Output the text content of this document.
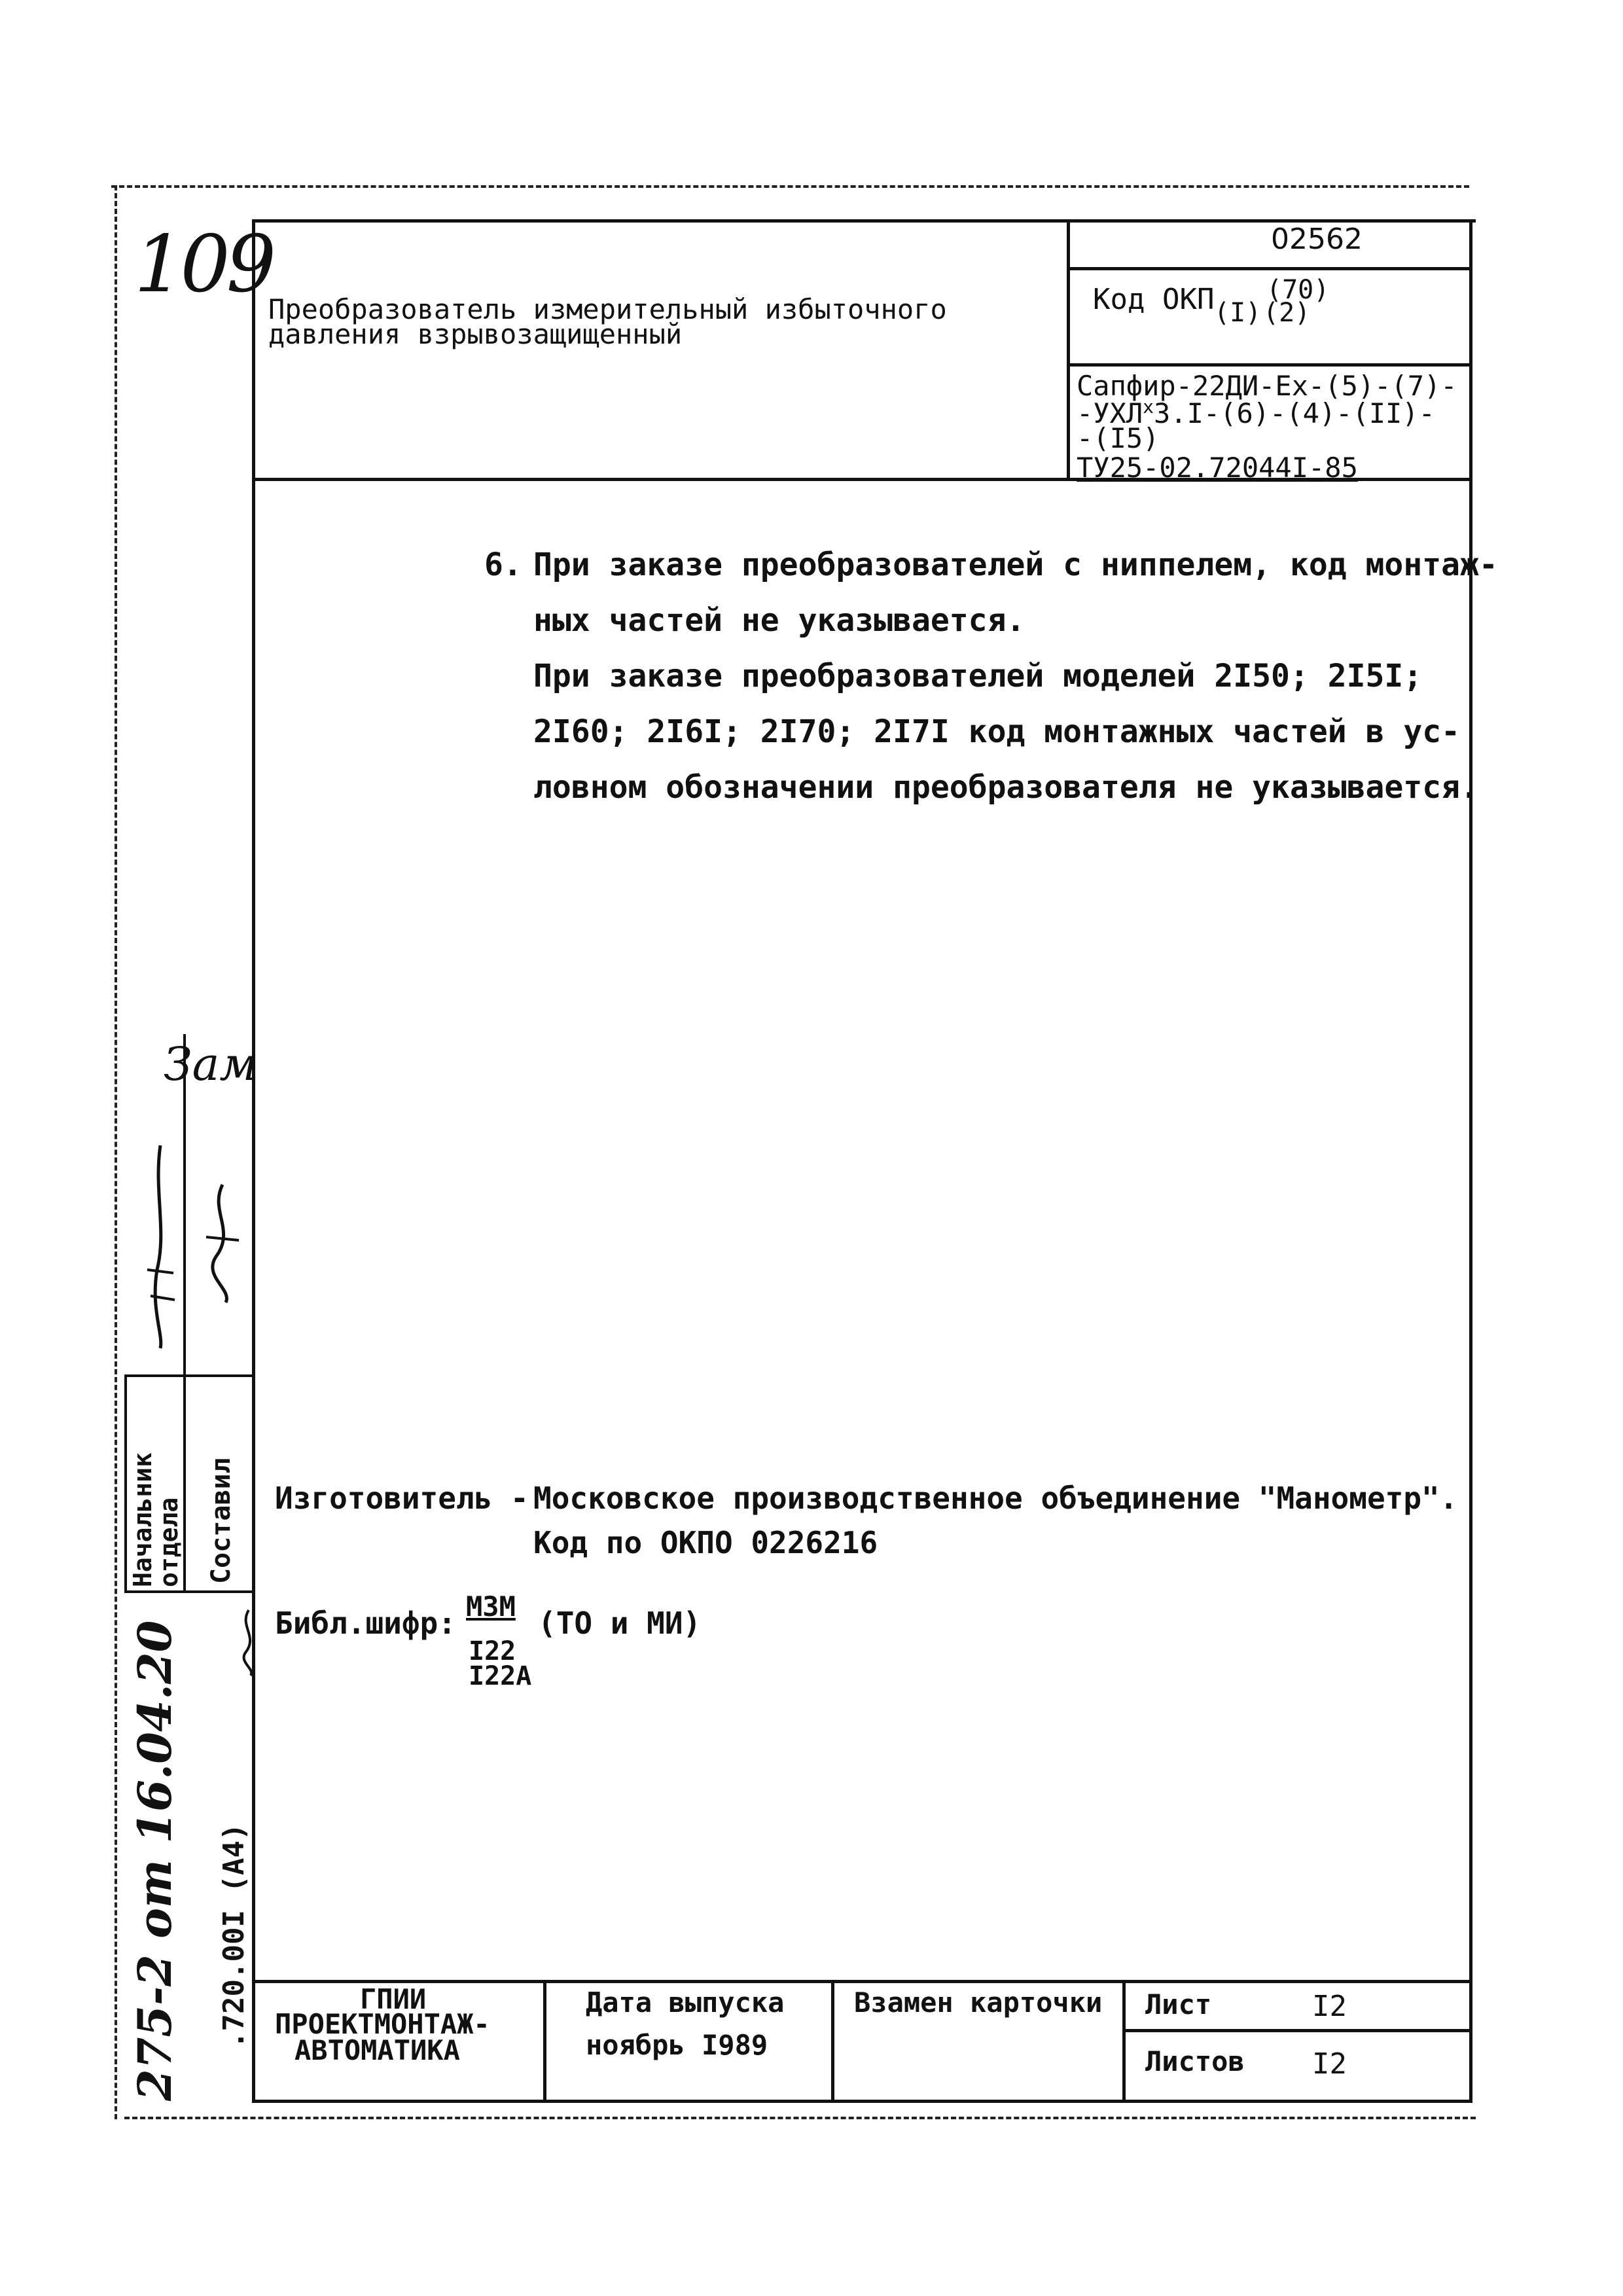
109
Преобразователь измерительный избыточного
давления взрывозащищенный
02562
Код ОКП (I)
(70)
(2)
Сапфир-22ДИ-Ex-(5)-(7)-
-УХЛ$^x$3.I-(6)-(4)-(II)-
-(I5)
ТУ25-02.72044I-85
6. При заказе преобразователей с ниппелем, код монтаж-
ных частей не указывается.
При заказе преобразователей моделей 2I50; 2I5I;
2I60; 2I6I; 2I70; 2I7I код монтажных частей в ус-
ловном обозначении преобразователя не указывается.
Изготовитель - Московское производственное объединение "Манометр".
Код по ОКПО 0226216
Библ.шифр: МЗМ (ТО и МИ)
I22
I22А
Начальник отдела Составил
Зам
.720.00I (А4)
275-2 от 16.04.20	ГПИИ
ПРОЕКТМОНТАЖ-
АВТОМАТИКА
Дата выпуска
ноябрь I989
Взамен карточки Лист	I2
Листов I2
